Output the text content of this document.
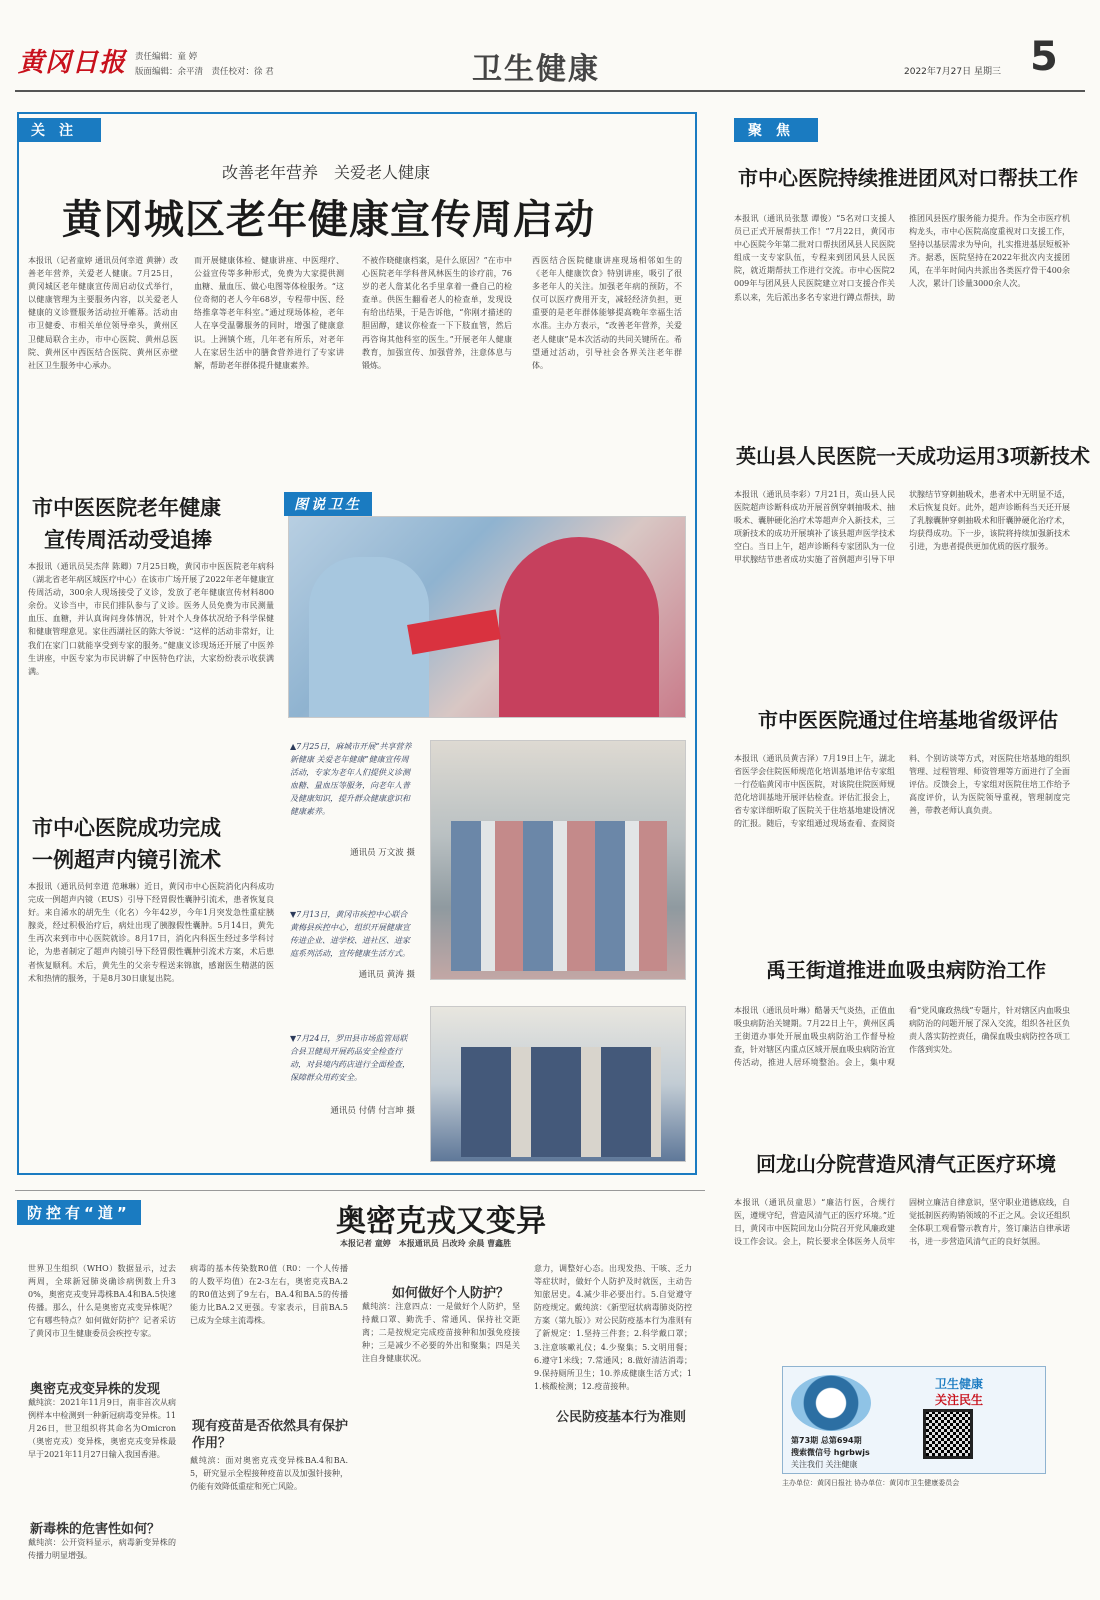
黄冈日报 责任编辑：童 婷
版面编辑：余平清　 责任校对：徐 君	卫生健康	2022年7月27日 星期三 5
关注
改善老年营养　关爱老人健康
黄冈城区老年健康宣传周启动
本报讯（记者童婷 通讯员何幸道 黄翀）改善老年营养，关爱老人健康。7月25日，黄冈城区老年健康宣传周启动仪式举行，以健康管理为主要服务内容，以关爱老人健康的义诊暨服务活动拉开帷幕。活动由市卫健委、市相关单位领导牵头，黄州区卫健局联合主办，市中心医院、黄州总医院、黄州区中西医结合医院、黄州区赤壁社区卫生服务中心承办。
而开展健康体检、健康讲座、中医理疗、公益宣传等多种形式，免费为大家提供测血糖、量血压、做心电图等体检服务。“这位奇彻的老人今年68岁，专程带中医、经络推拿等老年科室。”通过现场体检，老年人在享受温馨服务的同时，增强了健康意识。上洲镇个班，几年老有所乐，对老年人在家居生活中的膳食营养进行了专家讲解，帮助老年群体提升健康素养。
不被作晓健康档案，是什么原因？”在市中心医院老年学科普风林医生的诊疗前，76岁的老人詹某化名手里拿着一叠自己的检查单。供医生翻看老人的检查单，发现设有给出结果，于是告诉他，“你刚才描述的胆固醇，建议你检查一下下肢血管，然后再咨询其他科室的医生。”开展老年人健康教育，加强宣传、加强营养，注意体息与锻炼。
西医结合医院健康讲座现场相邻如生的《老年人健康饮食》特别讲座，吸引了很多老年人的关注。加强老年病的预防，不仅可以医疗费用开支，减轻经济负担，更重要的是老年群体能够提高晚年幸福生活水准。主办方表示，“改善老年营养，关爱老人健康”是本次活动的共同关键所在。希望通过活动，引导社会各界关注老年群体。
市中医医院老年健康
宣传周活动受追捧
本报讯（通讯员吴杰萍 陈卿）7月25日晚，黄冈市中医医院老年病科（湖北省老年病区域医疗中心）在该市广场开展了2022年老年健康宣传周活动，300余人现场接受了义诊，发放了老年健康宣传材料800余份。义诊当中，市民们排队参与了义诊。医务人员免费为市民测量血压、血糖，并认真询问身体情况，针对个人身体状况给予科学保健和健康管理意见。家住西湖社区的陈大爷说：“这样的活动非常好，让我们在家门口就能享受到专家的服务。”健康义诊现场还开展了中医养生讲座，中医专家为市民讲解了中医特色疗法，大家纷纷表示收获满满。
市中心医院成功完成
一例超声内镜引流术
本报讯（通讯员何幸道 范琳琳）近日，黄冈市中心医院消化内科成功完成一例超声内镜（EUS）引导下经胃假性囊肿引流术，患者恢复良好。来自浠水的胡先生（化名）今年42岁，今年1月突发急性重症胰腺炎，经过积极治疗后，病灶出现了胰腺假性囊肿。5月14日，黄先生再次来到市中心医院就诊。8月17日，消化内科医生经过多学科讨论，为患者制定了超声内镜引导下经胃假性囊肿引流术方案，术后患者恢复顺利。术后，黄先生的父亲专程送来锦旗，感谢医生精湛的医术和热情的服务，于是8月30日康复出院。
图说卫生
▲7月25日，麻城市开展“共享营养新健康 关爱老年健康”健康宣传周活动，专家为老年人们提供义诊测血糖、量血压等服务，向老年人普及健康知识，提升群众健康意识和健康素养。
通讯员 万文波 摄
▼7月13日，黄冈市疾控中心联合黄梅县疾控中心，组织开展健康宣传进企业、进学校、进社区、进家庭系列活动，宣传健康生活方式。
通讯员 黄涛 摄
▼7月24日，罗田县市场监管局联合县卫健局开展药品安全检查行动，对县境内药店进行全面检查，保障群众用药安全。
通讯员 付倩 付言坤 摄
聚焦
市中心医院持续推进团风对口帮扶工作
本报讯（通讯员张慧 谭俊）“5名对口支援人员已正式开展帮扶工作！”7月22日，黄冈市中心医院今年第二批对口帮扶团风县人民医院组成一支专家队伍，专程来到团风县人民医院，就近期帮扶工作进行交流。市中心医院2009年与团风县人民医院建立对口支援合作关系以来，先后派出多名专家进行蹲点帮扶，助推团风县医疗服务能力提升。作为全市医疗机构龙头，市中心医院高度重视对口支援工作，坚持以基层需求为导向，扎实推进基层短板补齐。据悉，医院坚持在2022年批次内支援团风，在半年时间内共派出各类医疗骨干400余人次，累计门诊量3000余人次。
英山县人民医院一天成功运用3项新技术
本报讯（通讯员李彩）7月21日，英山县人民医院超声诊断科成功开展首例穿刺抽吸术、抽吸术、囊肿硬化治疗术等超声介入新技术，三项新技术的成功开展填补了该县超声医学技术空白。当日上午，超声诊断科专家团队为一位甲状腺结节患者成功实施了首例超声引导下甲状腺结节穿刺抽吸术，患者术中无明显不适，术后恢复良好。此外，超声诊断科当天还开展了乳腺囊肿穿刺抽吸术和肝囊肿硬化治疗术，均获得成功。下一步，该院将持续加强新技术引进，为患者提供更加优质的医疗服务。
市中医医院通过住培基地省级评估
本报讯（通讯员黄吉泽）7月19日上午，湖北省医学会住院医师规范化培训基地评估专家组一行莅临黄冈市中医医院，对该院住院医师规范化培训基地开展评估检查。评估汇报会上，省专家详细听取了医院关于住培基地建设情况的汇报。随后，专家组通过现场查看、查阅资料、个别访谈等方式，对医院住培基地的组织管理、过程管理、师资管理等方面进行了全面评估。反馈会上，专家组对医院住培工作给予高度评价，认为医院领导重视，管理制度完善，带教老师认真负责。
禹王街道推进血吸虫病防治工作
本报讯（通讯员叶琳）酷暑天气炎热，正值血吸虫病防治关键期。7月22日上午，黄州区禹王街道办事处开展血吸虫病防治工作督导检查，针对辖区内重点区域开展血吸虫病防治宣传活动，推进人居环境整治。会上，集中观看“党风廉政热线”专题片，针对辖区内血吸虫病防治的问题开展了深入交流，组织各社区负责人落实防控责任，确保血吸虫病防控各项工作落到实处。
回龙山分院营造风清气正医疗环境
本报讯（通讯员童思）“廉洁行医，合规行医，遵规守纪，营造风清气正的医疗环境。”近日，黄冈市中医院回龙山分院召开党风廉政建设工作会议。会上，院长要求全体医务人员牢固树立廉洁自律意识，坚守职业道德底线，自觉抵制医药购销领域的不正之风。会议还组织全体职工观看警示教育片，签订廉洁自律承诺书，进一步营造风清气正的良好氛围。
卫生健康
关注民生
第73期 总第694期
搜索微信号 hgrbwjs
关注我们 关注健康
主办单位：黄冈日报社 协办单位：黄冈市卫生健康委员会
防控有“道”	奥密克戎又变异
本报记者 童婷　本报通讯员 吕改玲 余晨 曹鑫胜
世界卫生组织（WHO）数据显示，过去两周，全球新冠肺炎确诊病例数上升30%，奥密克戎变异毒株BA.4和BA.5快速传播。那么，什么是奥密克戎变异株呢？它有哪些特点？如何做好防护？记者采访了黄冈市卫生健康委员会疾控专家。
奥密克戎变异株的发现
戴纯滨：2021年11月9日，南非首次从病例样本中检测到一种新冠病毒变异株。11月26日，世卫组织将其命名为Omicron（奥密克戎）变异株，奥密克戎变异株最早于2021年11月27日输入我国香港。
新毒株的危害性如何？
戴纯滨：公开资料显示，病毒新变异株的传播力明显增强。
病毒的基本传染数R0值（R0：一个人传播的人数平均值）在2-3左右，奥密克戎BA.2的R0值达到了9左右，BA.4和BA.5的传播能力比BA.2又更强。专家表示，目前BA.5已成为全球主流毒株。
现有疫苗是否依然具有保护作用？
戴纯滨：面对奥密克戎变异株BA.4和BA.5，研究显示全程接种疫苗以及加强针接种，仍能有效降低重症和死亡风险。
如何做好个人防护？
戴纯滨：注意四点：一是做好个人防护，坚持戴口罩、勤洗手、常通风、保持社交距离；二是按规定完成疫苗接种和加强免疫接种；三是减少不必要的外出和聚集；四是关注自身健康状况。
意力，调整好心态。出现发热、干咳、乏力等症状时，做好个人防护及时就医，主动告知旅居史。4.减少非必要出行。5.自觉遵守防疫规定。戴纯滨：《新型冠状病毒肺炎防控方案（第九版）》对公民防疫基本行为准则有了新规定：1.坚持三件套；2.科学戴口罩；3.注意咳嗽礼仪；4.少聚集；5.文明用餐；6.遵守1米线；7.常通风；8.做好清洁消毒；9.保持厕所卫生；10.养成健康生活方式；11.核酸检测；12.疫苗接种。
公民防疫基本行为准则
